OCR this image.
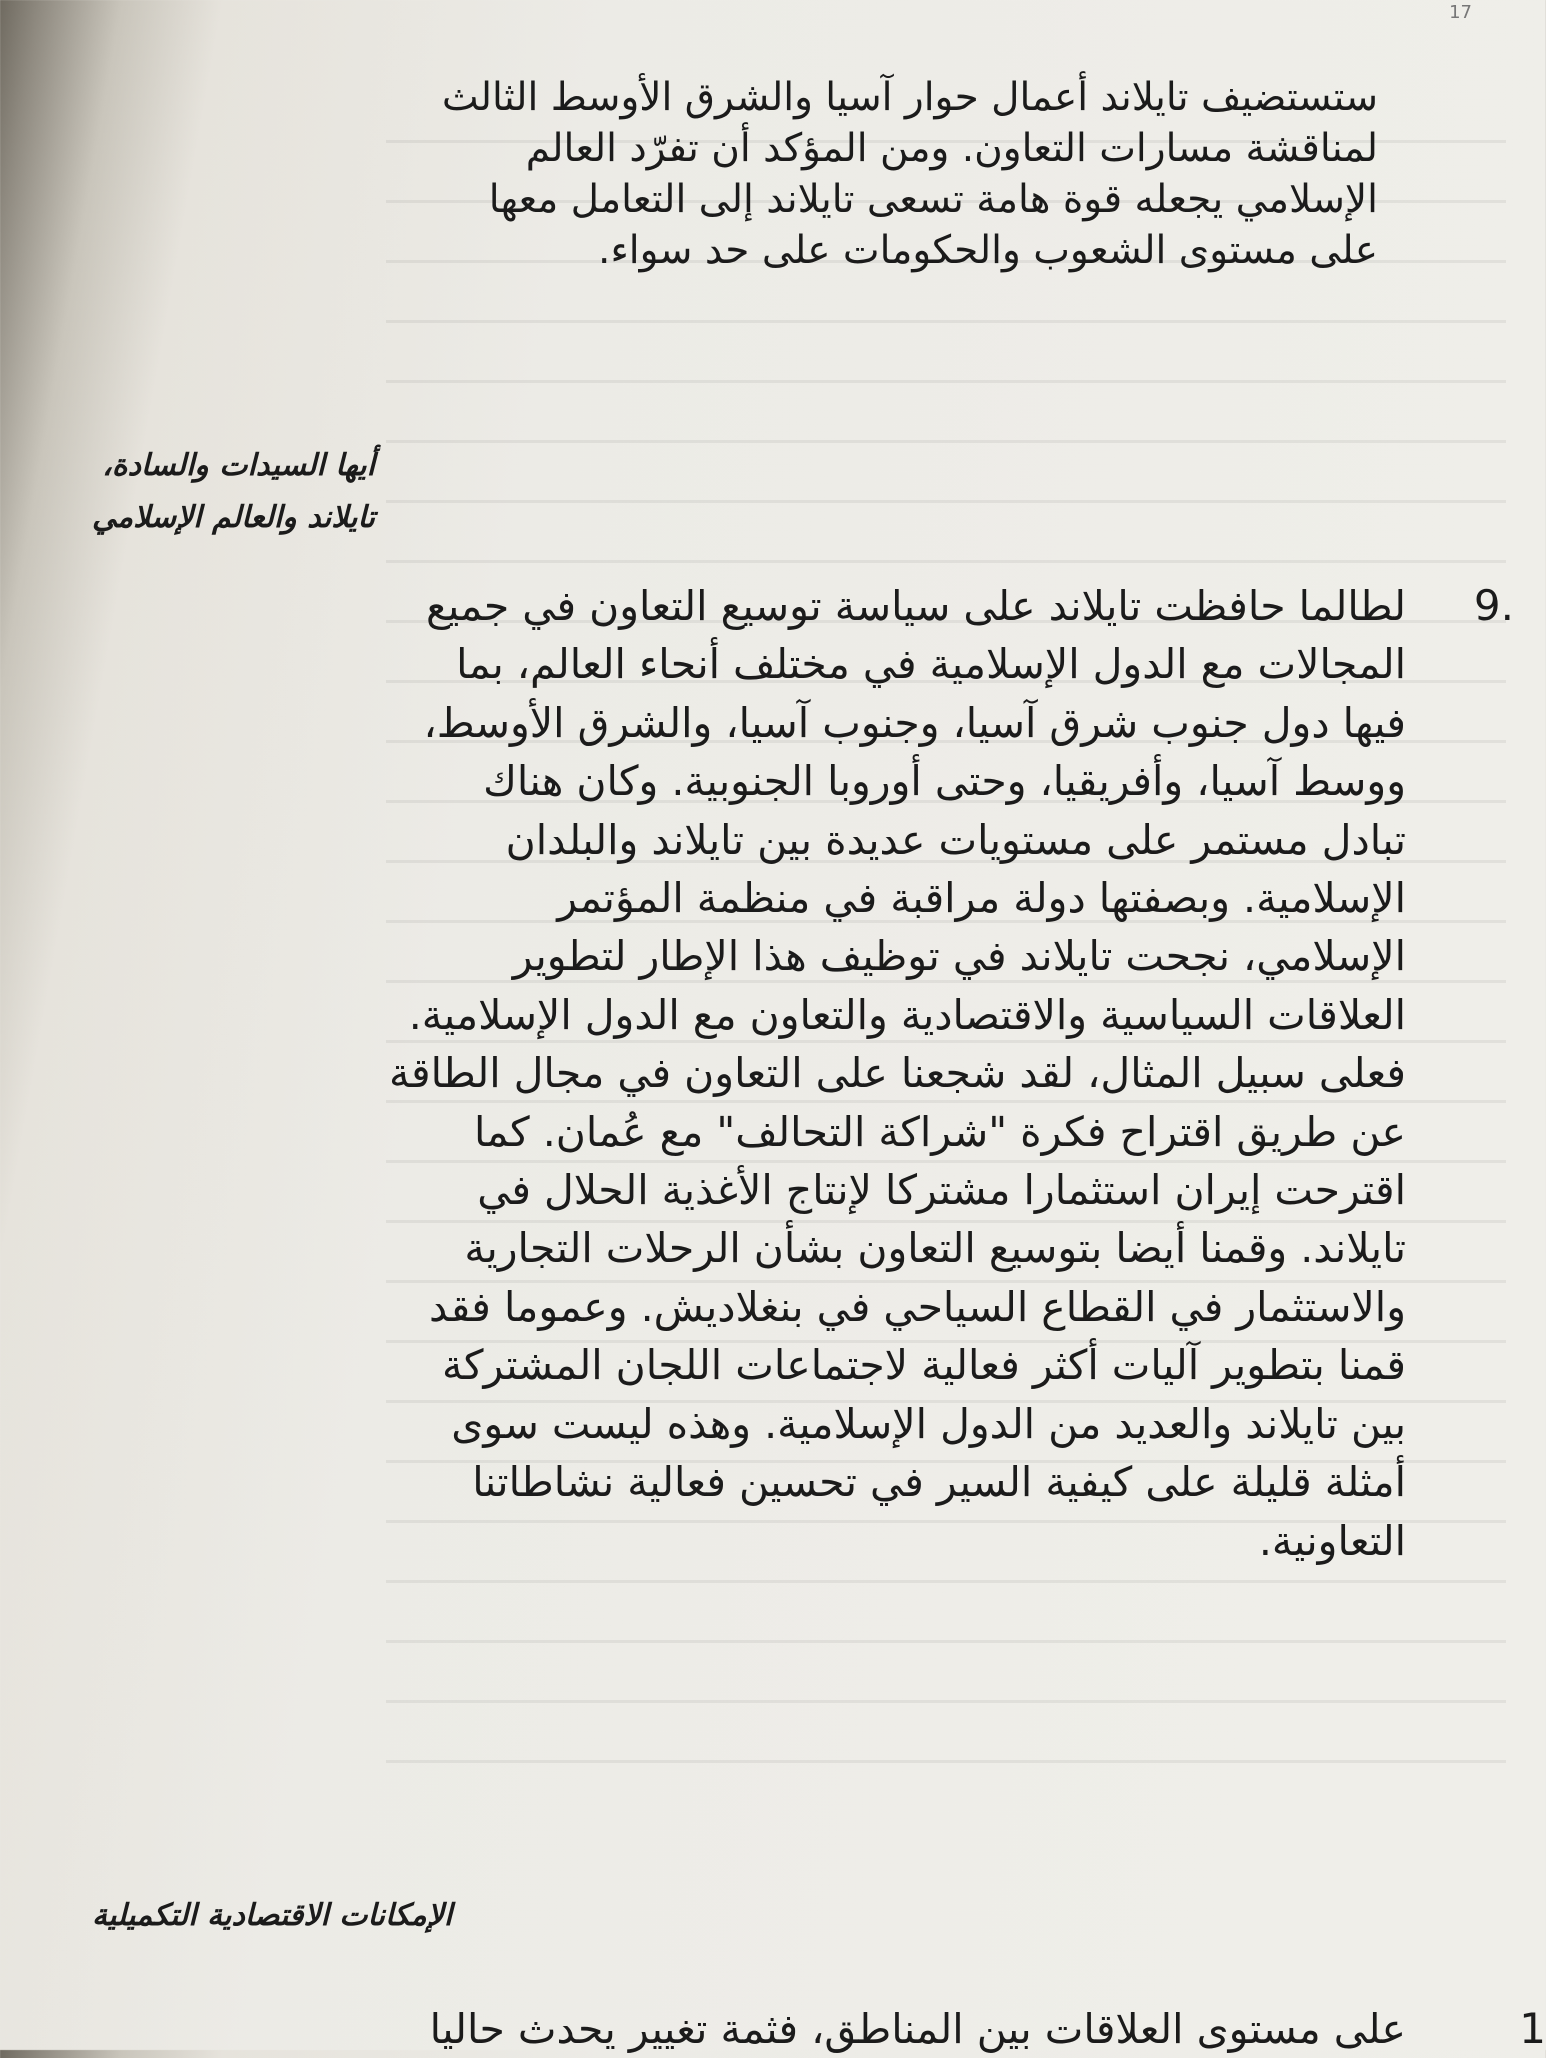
17

ستستضيف تايلاند أعمال حوار آسيا والشرق الأوسط الثالث
لمناقشة مسارات التعاون. ومن المؤكد أن تفرّد العالم
الإسلامي يجعله قوة هامة تسعى تايلاند إلى التعامل معها
على مستوى الشعوب والحكومات على حد سواء.

أيها السيدات والسادة،
تايلاند والعالم الإسلامي
9.

لطالما حافظت تايلاند على سياسة توسيع التعاون في جميع
المجالات مع الدول الإسلامية في مختلف أنحاء العالم، بما
فيها دول جنوب شرق آسيا، وجنوب آسيا، والشرق الأوسط،
ووسط آسيا، وأفريقيا، وحتى أوروبا الجنوبية. وكان هناك
تبادل مستمر على مستويات عديدة بين تايلاند والبلدان
الإسلامية. وبصفتها دولة مراقبة في منظمة المؤتمر
الإسلامي، نجحت تايلاند في توظيف هذا الإطار لتطوير
العلاقات السياسية والاقتصادية والتعاون مع الدول الإسلامية.
فعلى سبيل المثال، لقد شجعنا على التعاون في مجال الطاقة
عن طريق اقتراح فكرة "شراكة التحالف" مع عُمان. كما
اقترحت إيران استثمارا مشتركا لإنتاج الأغذية الحلال في
تايلاند. وقمنا أيضا بتوسيع التعاون بشأن الرحلات التجارية
والاستثمار في القطاع السياحي في بنغلاديش. وعموما فقد
قمنا بتطوير آليات أكثر فعالية لاجتماعات اللجان المشتركة
بين تايلاند والعديد من الدول الإسلامية. وهذه ليست سوى
أمثلة قليلة على كيفية السير في تحسين فعالية نشاطاتنا
التعاونية.

الإمكانات الاقتصادية التكميلية
1

على مستوى العلاقات بين المناطق، فثمة تغيير يحدث حاليا
